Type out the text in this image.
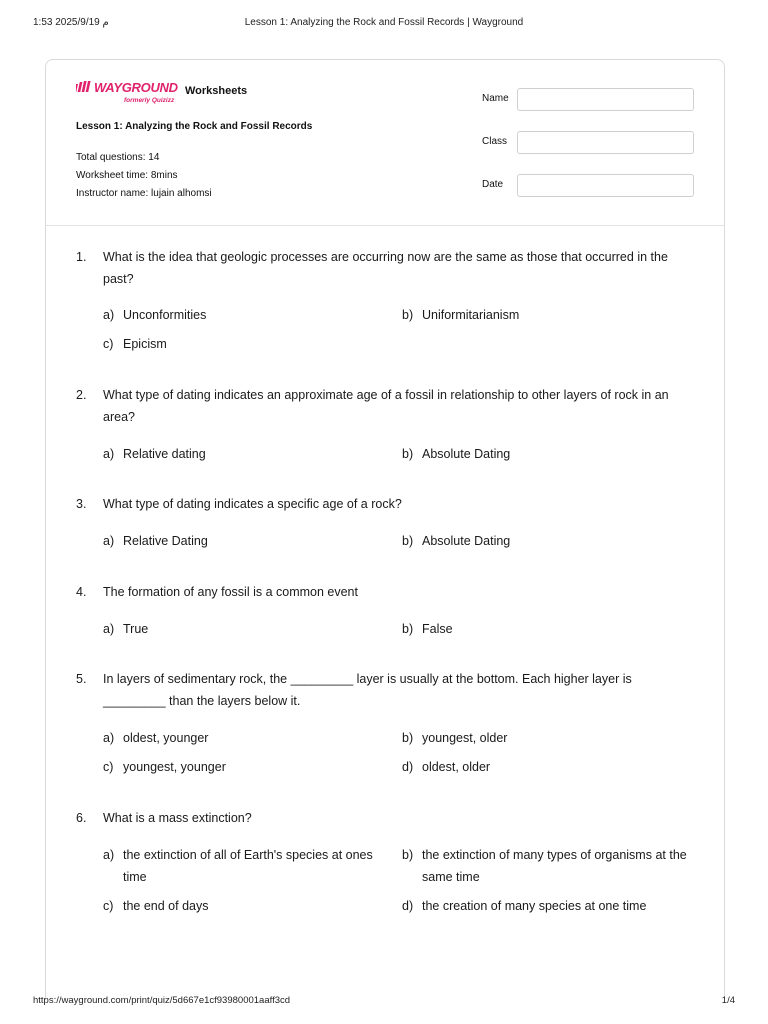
1:53 2025/9/19 م	Lesson 1: Analyzing the Rock and Fossil Records | Wayground
WAYGROUND
formerly Quizizz
Worksheets
Lesson 1: Analyzing the Rock and Fossil Records
Total questions: 14
Worksheet time: 8mins
Instructor name: lujain alhomsi
Name
Class
Date
1. What is the idea that geologic processes are occurring now are the same as those that occurred in the past?
a) Unconformities	b) Uniformitarianism
c) Epicism
2. What type of dating indicates an approximate age of a fossil in relationship to other layers of rock in an area?
a) Relative dating	b) Absolute Dating
3. What type of dating indicates a specific age of a rock?
a) Relative Dating	b) Absolute Dating
4. The formation of any fossil is a common event
a) True	b) False
5. In layers of sedimentary rock, the _________ layer is usually at the bottom. Each higher layer is _________ than the layers below it.
a) oldest, younger	b) youngest, older
c) youngest, younger	d) oldest, older
6. What is a mass extinction?
a) the extinction of all of Earth's species at ones time
b) the extinction of many types of organisms at the same time
c) the end of days	d) the creation of many species at one time
https://wayground.com/print/quiz/5d667e1cf93980001aaff3cd	1/4
